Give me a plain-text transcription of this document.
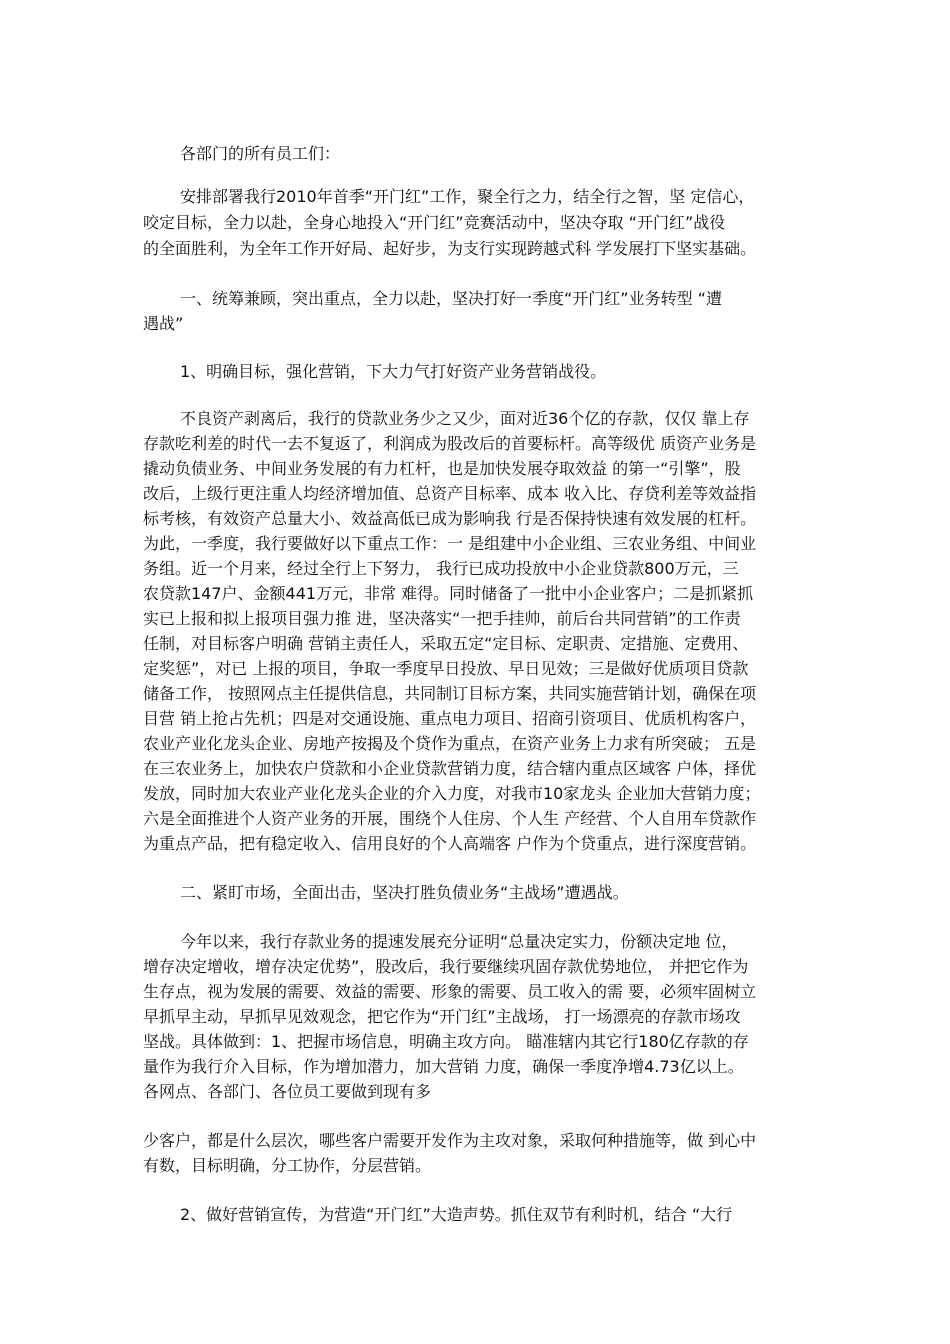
各部门的所有员工们：

安排部署我行2010年首季“开门红”工作，聚全行之力，结全行之智，坚 定信心，

咬定目标，全力以赴，全身心地投入“开门红”竞赛活动中，坚决夺取 “开门红”战役

的全面胜利，为全年工作开好局、起好步，为支行实现跨越式科 学发展打下坚实基础。

一、统筹兼顾，突出重点，全力以赴，坚决打好一季度“开门红”业务转型 “遭

遇战”

1、明确目标，强化营销，下大力气打好资产业务营销战役。

不良资产剥离后，我行的贷款业务少之又少，面对近36个亿的存款，仅仅 靠上存

存款吃利差的时代一去不复返了，利润成为股改后的首要标杆。高等级优 质资产业务是

撬动负债业务、中间业务发展的有力杠杆，也是加快发展夺取效益 的第一“引擎”，股

改后，上级行更注重人均经济增加值、总资产目标率、成本 收入比、存贷利差等效益指

标考核，有效资产总量大小、效益高低已成为影响我 行是否保持快速有效发展的杠杆。

为此，一季度，我行要做好以下重点工作：一 是组建中小企业组、三农业务组、中间业

务组。近一个月来，经过全行上下努力， 我行已成功投放中小企业贷款800万元，三

农贷款147户、金额441万元，非常 难得。同时储备了一批中小企业客户；二是抓紧抓

实已上报和拟上报项目强力推 进，坚决落实“一把手挂帅，前后台共同营销”的工作责

任制，对目标客户明确 营销主责任人，采取五定“定目标、定职责、定措施、定费用、

定奖惩”，对已 上报的项目，争取一季度早日投放、早日见效；三是做好优质项目贷款

储备工作， 按照网点主任提供信息，共同制订目标方案，共同实施营销计划，确保在项

目营 销上抢占先机；四是对交通设施、重点电力项目、招商引资项目、优质机构客户，

农业产业化龙头企业、房地产按揭及个贷作为重点，在资产业务上力求有所突破； 五是

在三农业务上，加快农户贷款和小企业贷款营销力度，结合辖内重点区域客 户体，择优

发放，同时加大农业产业化龙头企业的介入力度，对我市10家龙头 企业加大营销力度；

六是全面推进个人资产业务的开展，围绕个人住房、个人生 产经营、个人自用车贷款作

为重点产品，把有稳定收入、信用良好的个人高端客 户作为个贷重点，进行深度营销。

二、紧盯市场，全面出击，坚决打胜负债业务“主战场”遭遇战。

今年以来，我行存款业务的提速发展充分证明“总量决定实力，份额决定地 位，

增存决定增收，增存决定优势”，股改后，我行要继续巩固存款优势地位， 并把它作为

生存点，视为发展的需要、效益的需要、形象的需要、员工收入的需 要，必须牢固树立

早抓早主动，早抓早见效观念，把它作为“开门红”主战场， 打一场漂亮的存款市场攻

坚战。具体做到：1、把握市场信息，明确主攻方向。 瞄准辖内其它行180亿存款的存

量作为我行介入目标，作为增加潜力，加大营销 力度，确保一季度净增4.73亿以上。

各网点、各部门、各位员工要做到现有多

少客户，都是什么层次，哪些客户需要开发作为主攻对象，采取何种措施等，做 到心中

有数，目标明确，分工协作，分层营销。

2、做好营销宣传，为营造“开门红”大造声势。抓住双节有利时机，结合 “大行
